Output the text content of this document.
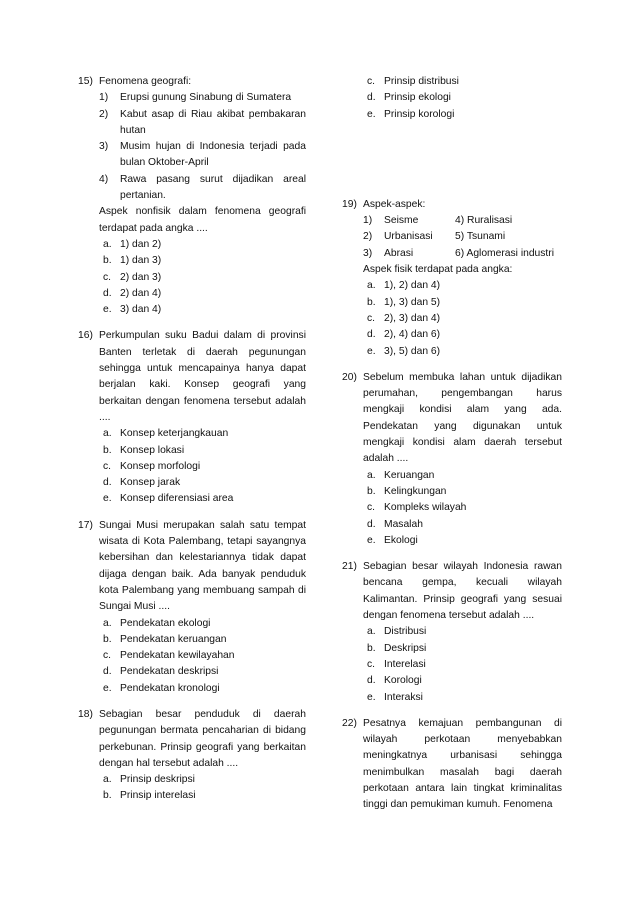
15) Fenomena geografi:
1) Erupsi gunung Sinabung di Sumatera
2) Kabut asap di Riau akibat pembakaran hutan
3) Musim hujan di Indonesia terjadi pada bulan Oktober-April
4) Rawa pasang surut dijadikan areal pertanian.
Aspek nonfisik dalam fenomena geografi terdapat pada angka ....
a. 1) dan 2)
b. 1) dan 3)
c. 2) dan 3)
d. 2) dan 4)
e. 3) dan 4)
16) Perkumpulan suku Badui dalam di provinsi Banten terletak di daerah pegunungan sehingga untuk mencapainya hanya dapat berjalan kaki. Konsep geografi yang berkaitan dengan fenomena tersebut adalah ....
a. Konsep keterjangkauan
b. Konsep lokasi
c. Konsep morfologi
d. Konsep jarak
e. Konsep diferensiasi area
17) Sungai Musi merupakan salah satu tempat wisata di Kota Palembang, tetapi sayangnya kebersihan dan kelestariannya tidak dapat dijaga dengan baik. Ada banyak penduduk kota Palembang yang membuang sampah di Sungai Musi ....
a. Pendekatan ekologi
b. Pendekatan keruangan
c. Pendekatan kewilayahan
d. Pendekatan deskripsi
e. Pendekatan kronologi
18) Sebagian besar penduduk di daerah pegunungan bermata pencaharian di bidang perkebunan. Prinsip geografi yang berkaitan dengan hal tersebut adalah ....
a. Prinsip deskripsi
b. Prinsip interelasi
c. Prinsip distribusi
d. Prinsip ekologi
e. Prinsip korologi
19) Aspek-aspek:
1) Seisme	4) Ruralisasi
2) Urbanisasi	5) Tsunami
3) Abrasi	6) Aglomerasi industri
Aspek fisik terdapat pada angka:
a. 1), 2) dan 4)
b. 1), 3) dan 5)
c. 2), 3) dan 4)
d. 2), 4) dan 6)
e. 3), 5) dan 6)
20) Sebelum membuka lahan untuk dijadikan perumahan, pengembangan harus mengkaji kondisi alam yang ada. Pendekatan yang digunakan untuk mengkaji kondisi alam daerah tersebut adalah ....
a. Keruangan
b. Kelingkungan
c. Kompleks wilayah
d. Masalah
e. Ekologi
21) Sebagian besar wilayah Indonesia rawan bencana gempa, kecuali wilayah Kalimantan. Prinsip geografi yang sesuai dengan fenomena tersebut adalah ....
a. Distribusi
b. Deskripsi
c. Interelasi
d. Korologi
e. Interaksi
22) Pesatnya kemajuan pembangunan di wilayah perkotaan menyebabkan meningkatnya urbanisasi sehingga menimbulkan masalah bagi daerah perkotaan antara lain tingkat kriminalitas tinggi dan pemukiman kumuh. Fenomena
